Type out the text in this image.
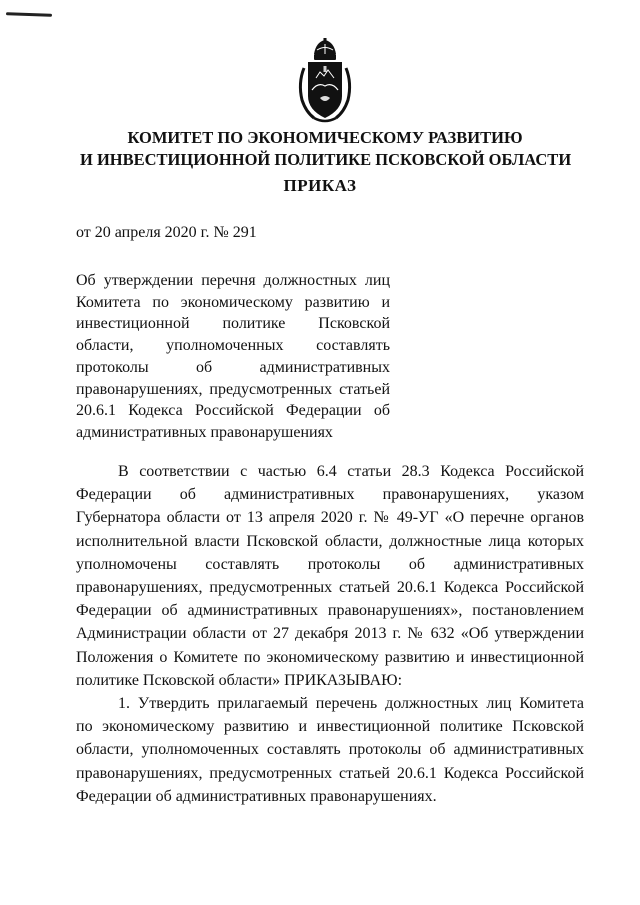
КОМИТЕТ ПО ЭКОНОМИЧЕСКОМУ РАЗВИТИЮ
И ИНВЕСТИЦИОННОЙ ПОЛИТИКЕ ПСКОВСКОЙ ОБЛАСТИ
ПРИКАЗ
от 20 апреля 2020 г. № 291
Об утверждении перечня должностных лиц
Комитета по экономическому развитию и
инвестиционной политике Псковской
области, уполномоченных составлять
протоколы об административных
правонарушениях, предусмотренных статьей
20.6.1 Кодекса Российской Федерации об
административных правонарушениях
В соответствии с частью 6.4 статьи 28.3 Кодекса Российской
Федерации об административных правонарушениях, указом
Губернатора области от 13 апреля 2020 г. № 49-УГ «О перечне органов
исполнительной власти Псковской области, должностные лица которых
уполномочены составлять протоколы об административных
правонарушениях, предусмотренных статьей 20.6.1 Кодекса Российской
Федерации об административных правонарушениях», постановлением
Администрации области от 27 декабря 2013 г. № 632 «Об утверждении
Положения о Комитете по экономическому развитию и инвестиционной
политике Псковской области» ПРИКАЗЫВАЮ:
1. Утвердить прилагаемый перечень должностных лиц Комитета
по экономическому развитию и инвестиционной политике Псковской
области, уполномоченных составлять протоколы об административных
правонарушениях, предусмотренных статьей 20.6.1 Кодекса Российской
Федерации об административных правонарушениях.
